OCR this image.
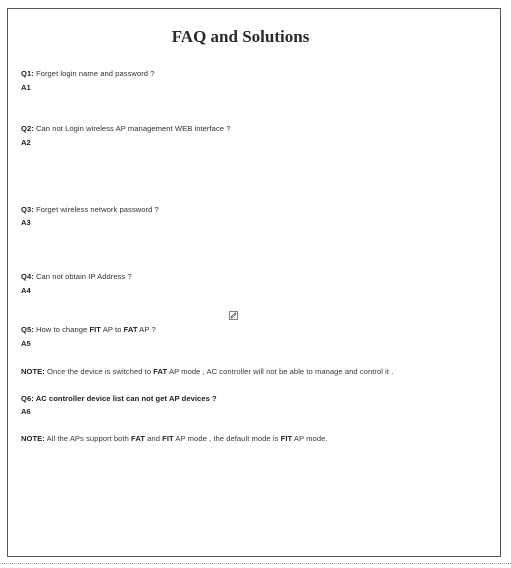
FAQ and Solutions
Q1: Forget login name and password ?
A1
Q2: Can not Login wireless AP management WEB interface ?
A2
Q3: Forget wireless network password ?
A3
Q4: Can not obtain IP Address ?
A4
Q5: How to change FIT AP to FAT AP ?
A5
NOTE: Once the device is switched to FAT AP mode , AC controller will not be able to manage and control it .
Q6: AC controller device list can not get AP devices ?
A6
NOTE: All the APs support both FAT and FIT AP mode , the default mode is FIT AP mode.
